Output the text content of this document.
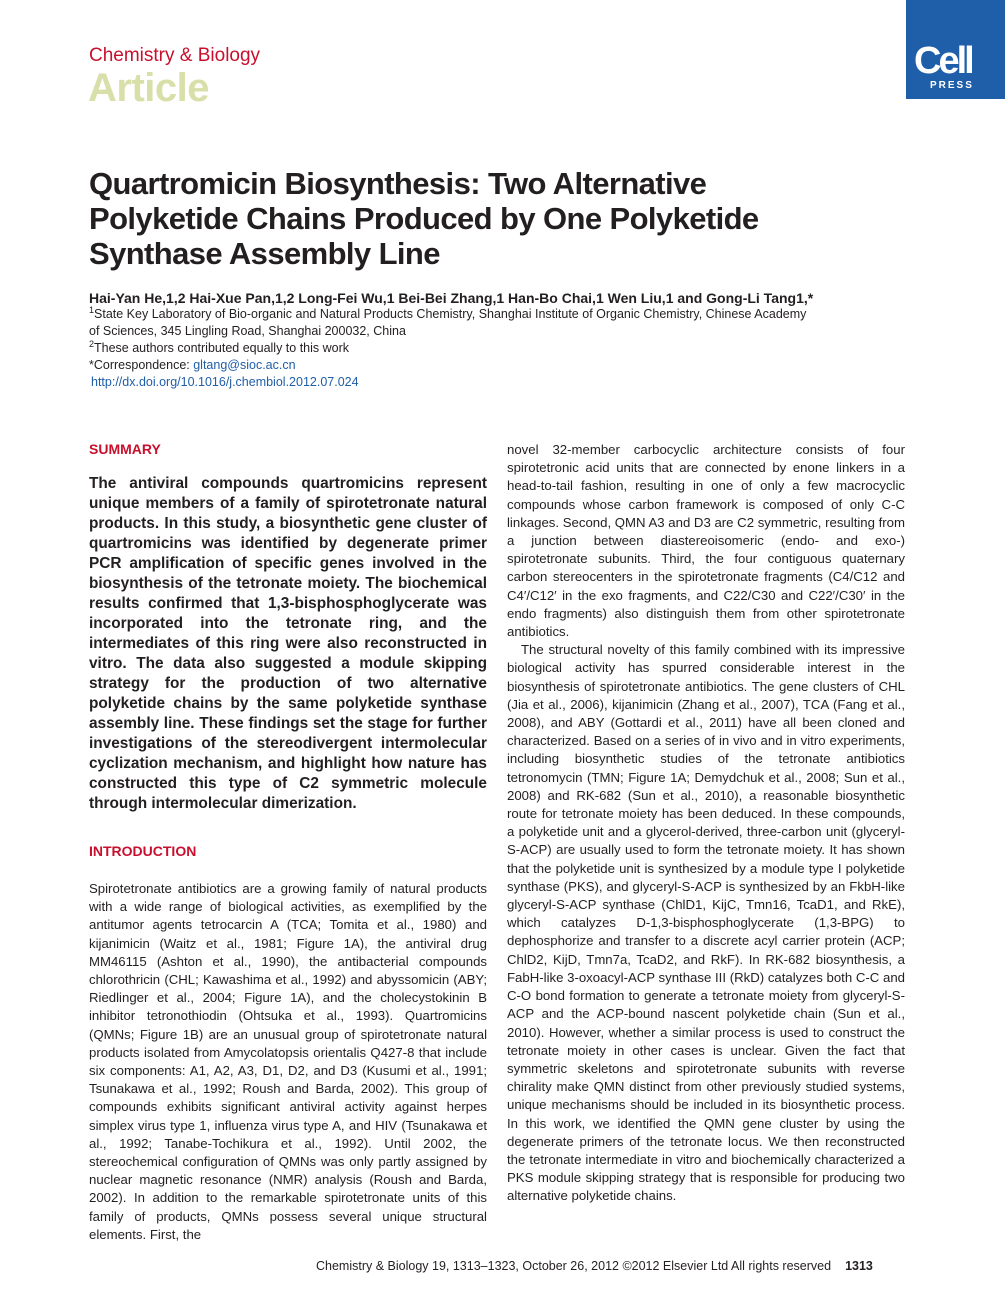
Chemistry & Biology
Article
Cell
PRESS
Quartromicin Biosynthesis: Two Alternative Polyketide Chains Produced by One Polyketide Synthase Assembly Line
Hai-Yan He,1,2 Hai-Xue Pan,1,2 Long-Fei Wu,1 Bei-Bei Zhang,1 Han-Bo Chai,1 Wen Liu,1 and Gong-Li Tang1,*
$^1$State Key Laboratory of Bio-organic and Natural Products Chemistry, Shanghai Institute of Organic Chemistry, Chinese Academy
of Sciences, 345 Lingling Road, Shanghai 200032, China
$^2$These authors contributed equally to this work
*Correspondence: gltang@sioc.ac.cn
http://dx.doi.org/10.1016/j.chembiol.2012.07.024
SUMMARY
The antiviral compounds quartromicins represent unique members of a family of spirotetronate natural products. In this study, a biosynthetic gene cluster of quartromicins was identified by degenerate primer PCR amplification of specific genes involved in the biosynthesis of the tetronate moiety. The biochemical results confirmed that 1,3-bisphosphoglycerate was incorporated into the tetronate ring, and the intermediates of this ring were also reconstructed in vitro. The data also suggested a module skipping strategy for the production of two alternative polyketide chains by the same polyketide synthase assembly line. These findings set the stage for further investigations of the stereodivergent intermolecular cyclization mechanism, and highlight how nature has constructed this type of C2 symmetric molecule through intermolecular dimerization.
INTRODUCTION
Spirotetronate antibiotics are a growing family of natural products with a wide range of biological activities, as exemplified by the antitumor agents tetrocarcin A (TCA; Tomita et al., 1980) and kijanimicin (Waitz et al., 1981; Figure 1A), the antiviral drug MM46115 (Ashton et al., 1990), the antibacterial compounds chlorothricin (CHL; Kawashima et al., 1992) and abyssomicin (ABY; Riedlinger et al., 2004; Figure 1A), and the cholecystokinin B inhibitor tetronothiodin (Ohtsuka et al., 1993). Quartromicins (QMNs; Figure 1B) are an unusual group of spirotetronate natural products isolated from Amycolatopsis orientalis Q427-8 that include six components: A1, A2, A3, D1, D2, and D3 (Kusumi et al., 1991; Tsunakawa et al., 1992; Roush and Barda, 2002). This group of compounds exhibits significant antiviral activity against herpes simplex virus type 1, influenza virus type A, and HIV (Tsunakawa et al., 1992; Tanabe-Tochikura et al., 1992). Until 2002, the stereochemical configuration of QMNs was only partly assigned by nuclear magnetic resonance (NMR) analysis (Roush and Barda, 2002). In addition to the remarkable spirotetronate units of this family of products, QMNs possess several unique structural elements. First, the

novel 32-member carbocyclic architecture consists of four spirotetronic acid units that are connected by enone linkers in a head-to-tail fashion, resulting in one of only a few macrocyclic compounds whose carbon framework is composed of only C-C linkages. Second, QMN A3 and D3 are C2 symmetric, resulting from a junction between diastereoisomeric (endo- and exo-) spirotetronate subunits. Third, the four contiguous quaternary carbon stereocenters in the spirotetronate fragments (C4/C12 and C4′/C12′ in the exo fragments, and C22/C30 and C22′/C30′ in the endo fragments) also distinguish them from other spirotetronate antibiotics.

The structural novelty of this family combined with its impressive biological activity has spurred considerable interest in the biosynthesis of spirotetronate antibiotics. The gene clusters of CHL (Jia et al., 2006), kijanimicin (Zhang et al., 2007), TCA (Fang et al., 2008), and ABY (Gottardi et al., 2011) have all been cloned and characterized. Based on a series of in vivo and in vitro experiments, including biosynthetic studies of the tetronate antibiotics tetronomycin (TMN; Figure 1A; Demydchuk et al., 2008; Sun et al., 2008) and RK-682 (Sun et al., 2010), a reasonable biosynthetic route for tetronate moiety has been deduced. In these compounds, a polyketide unit and a glycerol-derived, three-carbon unit (glyceryl-S-ACP) are usually used to form the tetronate moiety. It has shown that the polyketide unit is synthesized by a module type I polyketide synthase (PKS), and glyceryl-S-ACP is synthesized by an FkbH-like glyceryl-S-ACP synthase (ChlD1, KijC, Tmn16, TcaD1, and RkE), which catalyzes D-1,3-bisphosphoglycerate (1,3-BPG) to dephosphorize and transfer to a discrete acyl carrier protein (ACP; ChlD2, KijD, Tmn7a, TcaD2, and RkF). In RK-682 biosynthesis, a FabH-like 3-oxoacyl-ACP synthase III (RkD) catalyzes both C-C and C-O bond formation to generate a tetronate moiety from glyceryl-S-ACP and the ACP-bound nascent polyketide chain (Sun et al., 2010). However, whether a similar process is used to construct the tetronate moiety in other cases is unclear. Given the fact that symmetric skeletons and spirotetronate subunits with reverse chirality make QMN distinct from other previously studied systems, unique mechanisms should be included in its biosynthetic process. In this work, we identified the QMN gene cluster by using the degenerate primers of the tetronate locus. We then reconstructed the tetronate intermediate in vitro and biochemically characterized a PKS module skipping strategy that is responsible for producing two alternative polyketide chains.

Chemistry & Biology 19, 1313–1323, October 26, 2012 ©2012 Elsevier Ltd All rights reserved 1313
